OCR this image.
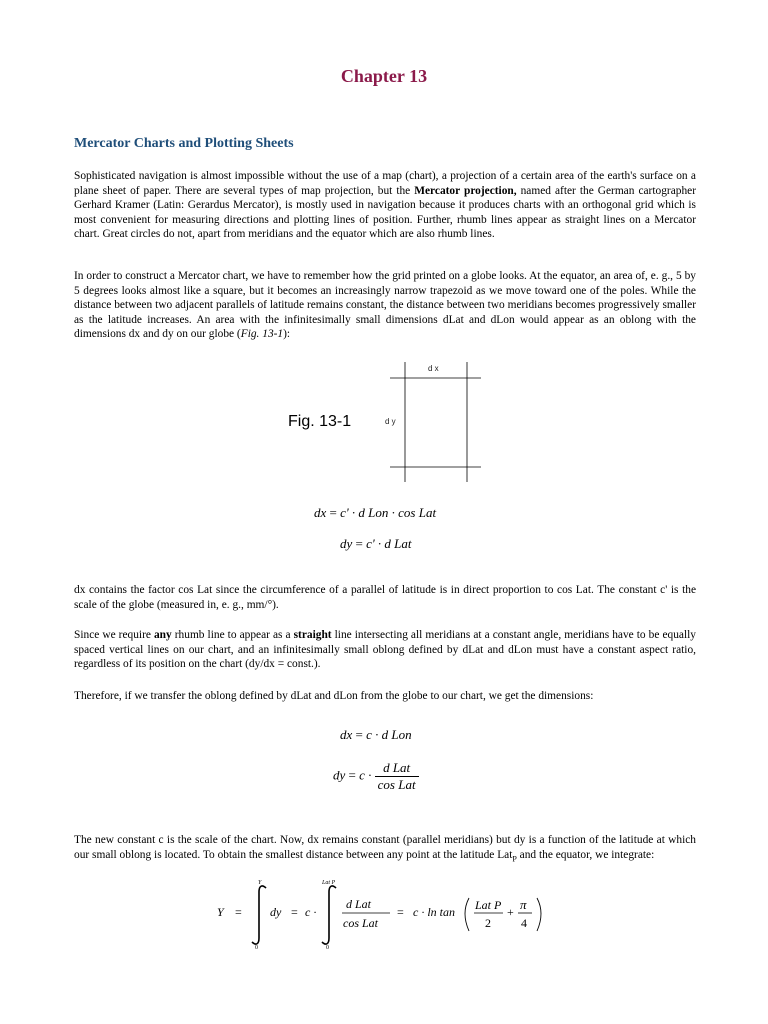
Chapter 13
Mercator Charts and Plotting Sheets
Sophisticated navigation is almost impossible without the use of a map (chart), a projection of a certain area of the earth's surface on a plane sheet of paper. There are several types of map projection, but the Mercator projection, named after the German cartographer Gerhard Kramer (Latin: Gerardus Mercator), is mostly used in navigation because it produces charts with an orthogonal grid which is most convenient for measuring directions and plotting lines of position. Further, rhumb lines appear as straight lines on a Mercator chart. Great circles do not, apart from meridians and the equator which are also rhumb lines.
In order to construct a Mercator chart, we have to remember how the grid printed on a globe looks. At the equator, an area of, e. g., 5 by 5 degrees looks almost like a square, but it becomes an increasingly narrow trapezoid as we move toward one of the poles. While the distance between two adjacent parallels of latitude remains constant, the distance between two meridians becomes progressively smaller as the latitude increases. An area with the infinitesimally small dimensions dLat and dLon would appear as an oblong with the dimensions dx and dy on our globe (Fig. 13-1):
Fig. 13-1
d x
d y
dx = c' · d Lon · cos Lat
dy = c' · d Lat
dx contains the factor cos Lat since the circumference of a parallel of latitude is in direct proportion to cos Lat. The constant c' is the scale of the globe (measured in, e. g., mm/°).
Since we require any rhumb line to appear as a straight line intersecting all meridians at a constant angle, meridians have to be equally spaced vertical lines on our chart, and an infinitesimally small oblong defined by dLat and dLon must have a constant aspect ratio, regardless of its position on the chart (dy/dx = const.).
Therefore, if we transfer the oblong defined by dLat and dLon from the globe to our chart, we get the dimensions:
dx = c · d Lon
dy = $c \cdot \frac{\text{d Lat}}{\text{cos Lat}}$
The new constant c is the scale of the chart. Now, dx remains constant (parallel meridians) but dy is a function of the latitude at which our small oblong is located. To obtain the smallest distance between any point at the latitude Lat$_P$ and the equator, we integrate:
Y =
Y
0
dy = c ·
Lat P
0
d Lat
cos Lat
= c · ln tan Lat P
2
+ π
4
